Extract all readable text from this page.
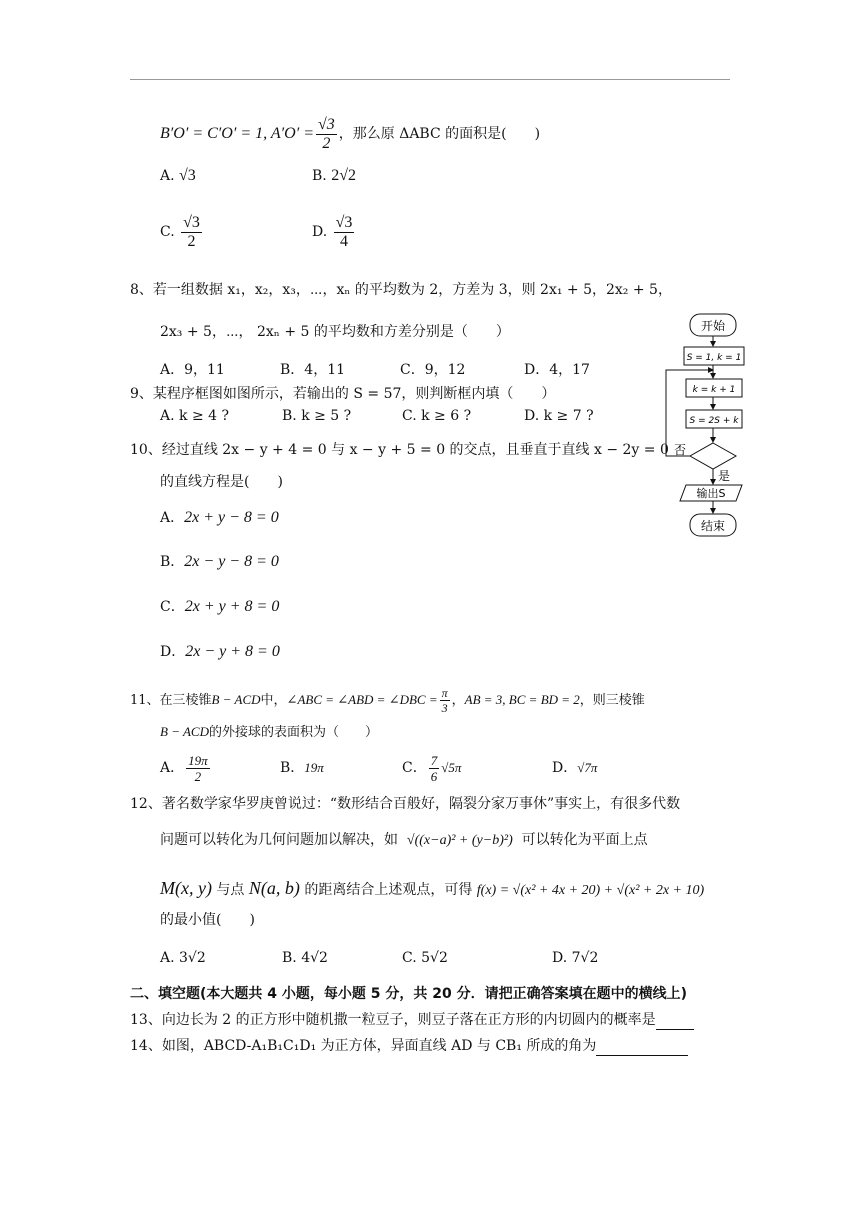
B′O′ = C′O′ = 1, $A'O' = \frac{√3}{2}$ ，那么原 ΔABC 的面积是(　　)
A. √3	B. 2√2
C. $\frac{√3}{2}$	D. $\frac{√3}{4}$
8、若一组数据 x₁，x₂，x₃，⋯，xₙ 的平均数为 2，方差为 3，则 2x₁ + 5，2x₂ + 5，
2x₃ + 5，⋯， 2xₙ + 5 的平均数和方差分别是（　　）
A．9，11	B．4，11	C．9，12	D．4，17
9、某程序框图如图所示，若输出的 S = 57，则判断框内填（　　）
A. k ≥ 4 ?	B. k ≥ 5 ?	C. k ≥ 6 ?	D. k ≥ 7 ?
开始
S = 1, k = 1
k = k + 1
S = 2S + k
否
是
输出S
结束
10、经过直线 2x − y + 4 = 0 与 x − y + 5 = 0 的交点，且垂直于直线 x − 2y = 0
的直线方程是(　　)
A．2x + y − 8 = 0
B．2x − y − 8 = 0
C．2x + y + 8 = 0
D．2x − y + 8 = 0
11、在三棱锥B − ACD中，∠ABC = ∠ABD = ∠DBC = $\frac{\pi}{3}$ ，AB = 3, BC = BD = 2，则三棱锥
B − ACD的外接球的表面积为（　　）
A． $\frac{19\pi}{2}$	B．19π	C． $\frac{7}{6} √5\pi$	D．√7π
12、著名数学家华罗庚曾说过：“数形结合百般好，隔裂分家万事休”事实上，有很多代数
问题可以转化为几何问题加以解决，如 √((x−a)² + (y−b)²) 可以转化为平面上点
M(x, y) 与点 N(a, b) 的距离结合上述观点，可得 f(x) = √(x² + 4x + 20) + √(x² + 2x + 10)
的最小值(　　)
A. 3√2	B. 4√2	C. 5√2	D. 7√2
二、填空题(本大题共 4 小题，每小题 5 分，共 20 分．请把正确答案填在题中的横线上)
13、向边长为 2 的正方形中随机撒一粒豆子，则豆子落在正方形的内切圆内的概率是
14、如图，ABCD-A₁B₁C₁D₁ 为正方体，异面直线 AD 与 CB₁ 所成的角为
